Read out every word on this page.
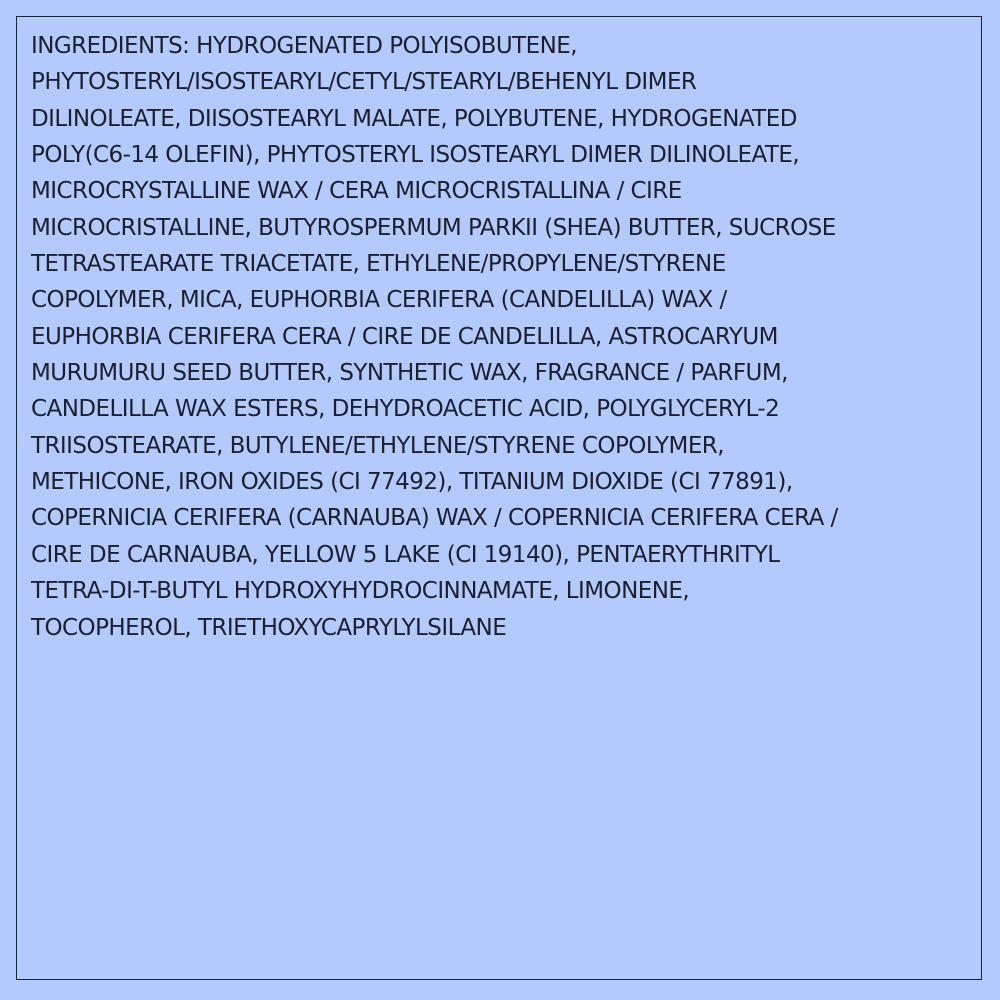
INGREDIENTS: HYDROGENATED POLYISOBUTENE,
PHYTOSTERYL/ISOSTEARYL/CETYL/STEARYL/BEHENYL DIMER
DILINOLEATE, DIISOSTEARYL MALATE, POLYBUTENE, HYDROGENATED
POLY(C6-14 OLEFIN), PHYTOSTERYL ISOSTEARYL DIMER DILINOLEATE,
MICROCRYSTALLINE WAX / CERA MICROCRISTALLINA / CIRE
MICROCRISTALLINE, BUTYROSPERMUM PARKII (SHEA) BUTTER, SUCROSE
TETRASTEARATE TRIACETATE, ETHYLENE/PROPYLENE/STYRENE
COPOLYMER, MICA, EUPHORBIA CERIFERA (CANDELILLA) WAX /
EUPHORBIA CERIFERA CERA / CIRE DE CANDELILLA, ASTROCARYUM
MURUMURU SEED BUTTER, SYNTHETIC WAX, FRAGRANCE / PARFUM,
CANDELILLA WAX ESTERS, DEHYDROACETIC ACID, POLYGLYCERYL-2
TRIISOSTEARATE, BUTYLENE/ETHYLENE/STYRENE COPOLYMER,
METHICONE, IRON OXIDES (CI 77492), TITANIUM DIOXIDE (CI 77891),
COPERNICIA CERIFERA (CARNAUBA) WAX / COPERNICIA CERIFERA CERA /
CIRE DE CARNAUBA, YELLOW 5 LAKE (CI 19140), PENTAERYTHRITYL
TETRA-DI-T-BUTYL HYDROXYHYDROCINNAMATE, LIMONENE,
TOCOPHEROL, TRIETHOXYCAPRYLYLSILANE
